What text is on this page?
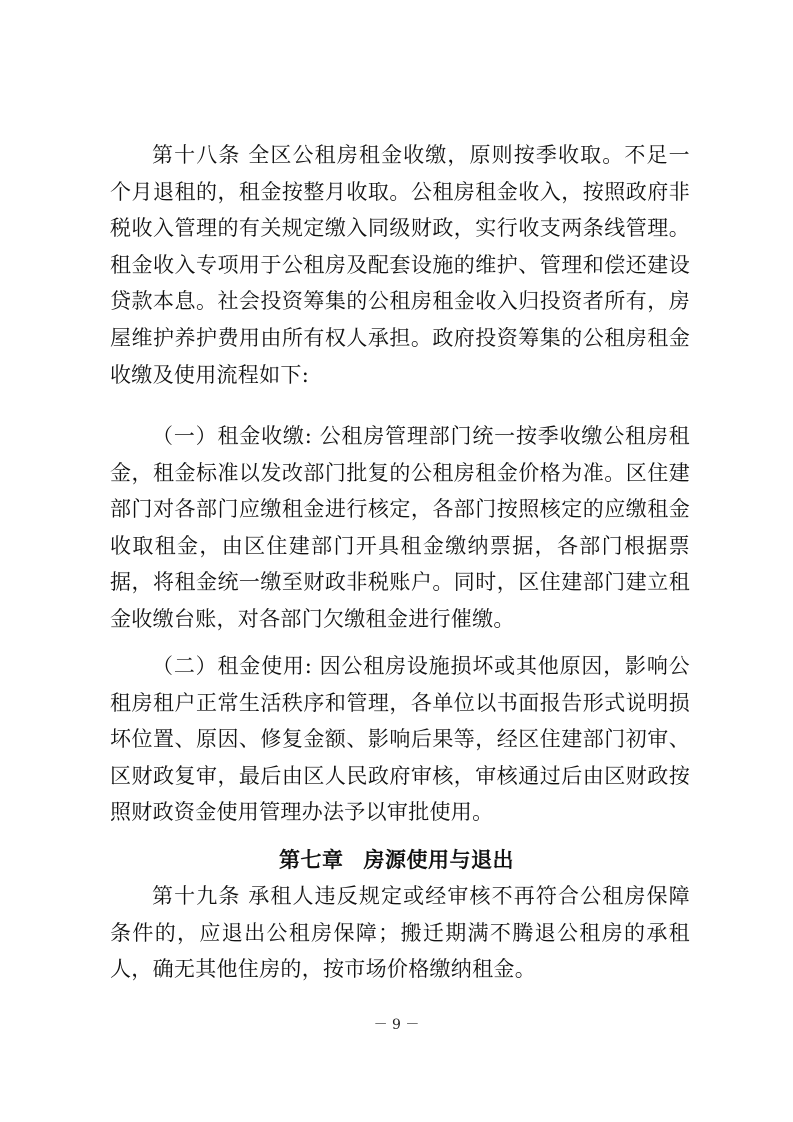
第十八条 全区公租房租金收缴，原则按季收取。不足一个月退租的，租金按整月收取。公租房租金收入，按照政府非税收入管理的有关规定缴入同级财政，实行收支两条线管理。租金收入专项用于公租房及配套设施的维护、管理和偿还建设贷款本息。社会投资筹集的公租房租金收入归投资者所有，房屋维护养护费用由所有权人承担。政府投资筹集的公租房租金收缴及使用流程如下:

（一）租金收缴: 公租房管理部门统一按季收缴公租房租金，租金标准以发改部门批复的公租房租金价格为准。区住建部门对各部门应缴租金进行核定，各部门按照核定的应缴租金收取租金，由区住建部门开具租金缴纳票据，各部门根据票据，将租金统一缴至财政非税账户。同时，区住建部门建立租金收缴台账，对各部门欠缴租金进行催缴。

（二）租金使用: 因公租房设施损坏或其他原因，影响公租房租户正常生活秩序和管理，各单位以书面报告形式说明损坏位置、原因、修复金额、影响后果等，经区住建部门初审、区财政复审，最后由区人民政府审核，审核通过后由区财政按照财政资金使用管理办法予以审批使用。

第七章 房源使用与退出

第十九条 承租人违反规定或经审核不再符合公租房保障条件的，应退出公租房保障；搬迁期满不腾退公租房的承租人，确无其他住房的，按市场价格缴纳租金。

－ 9 －
